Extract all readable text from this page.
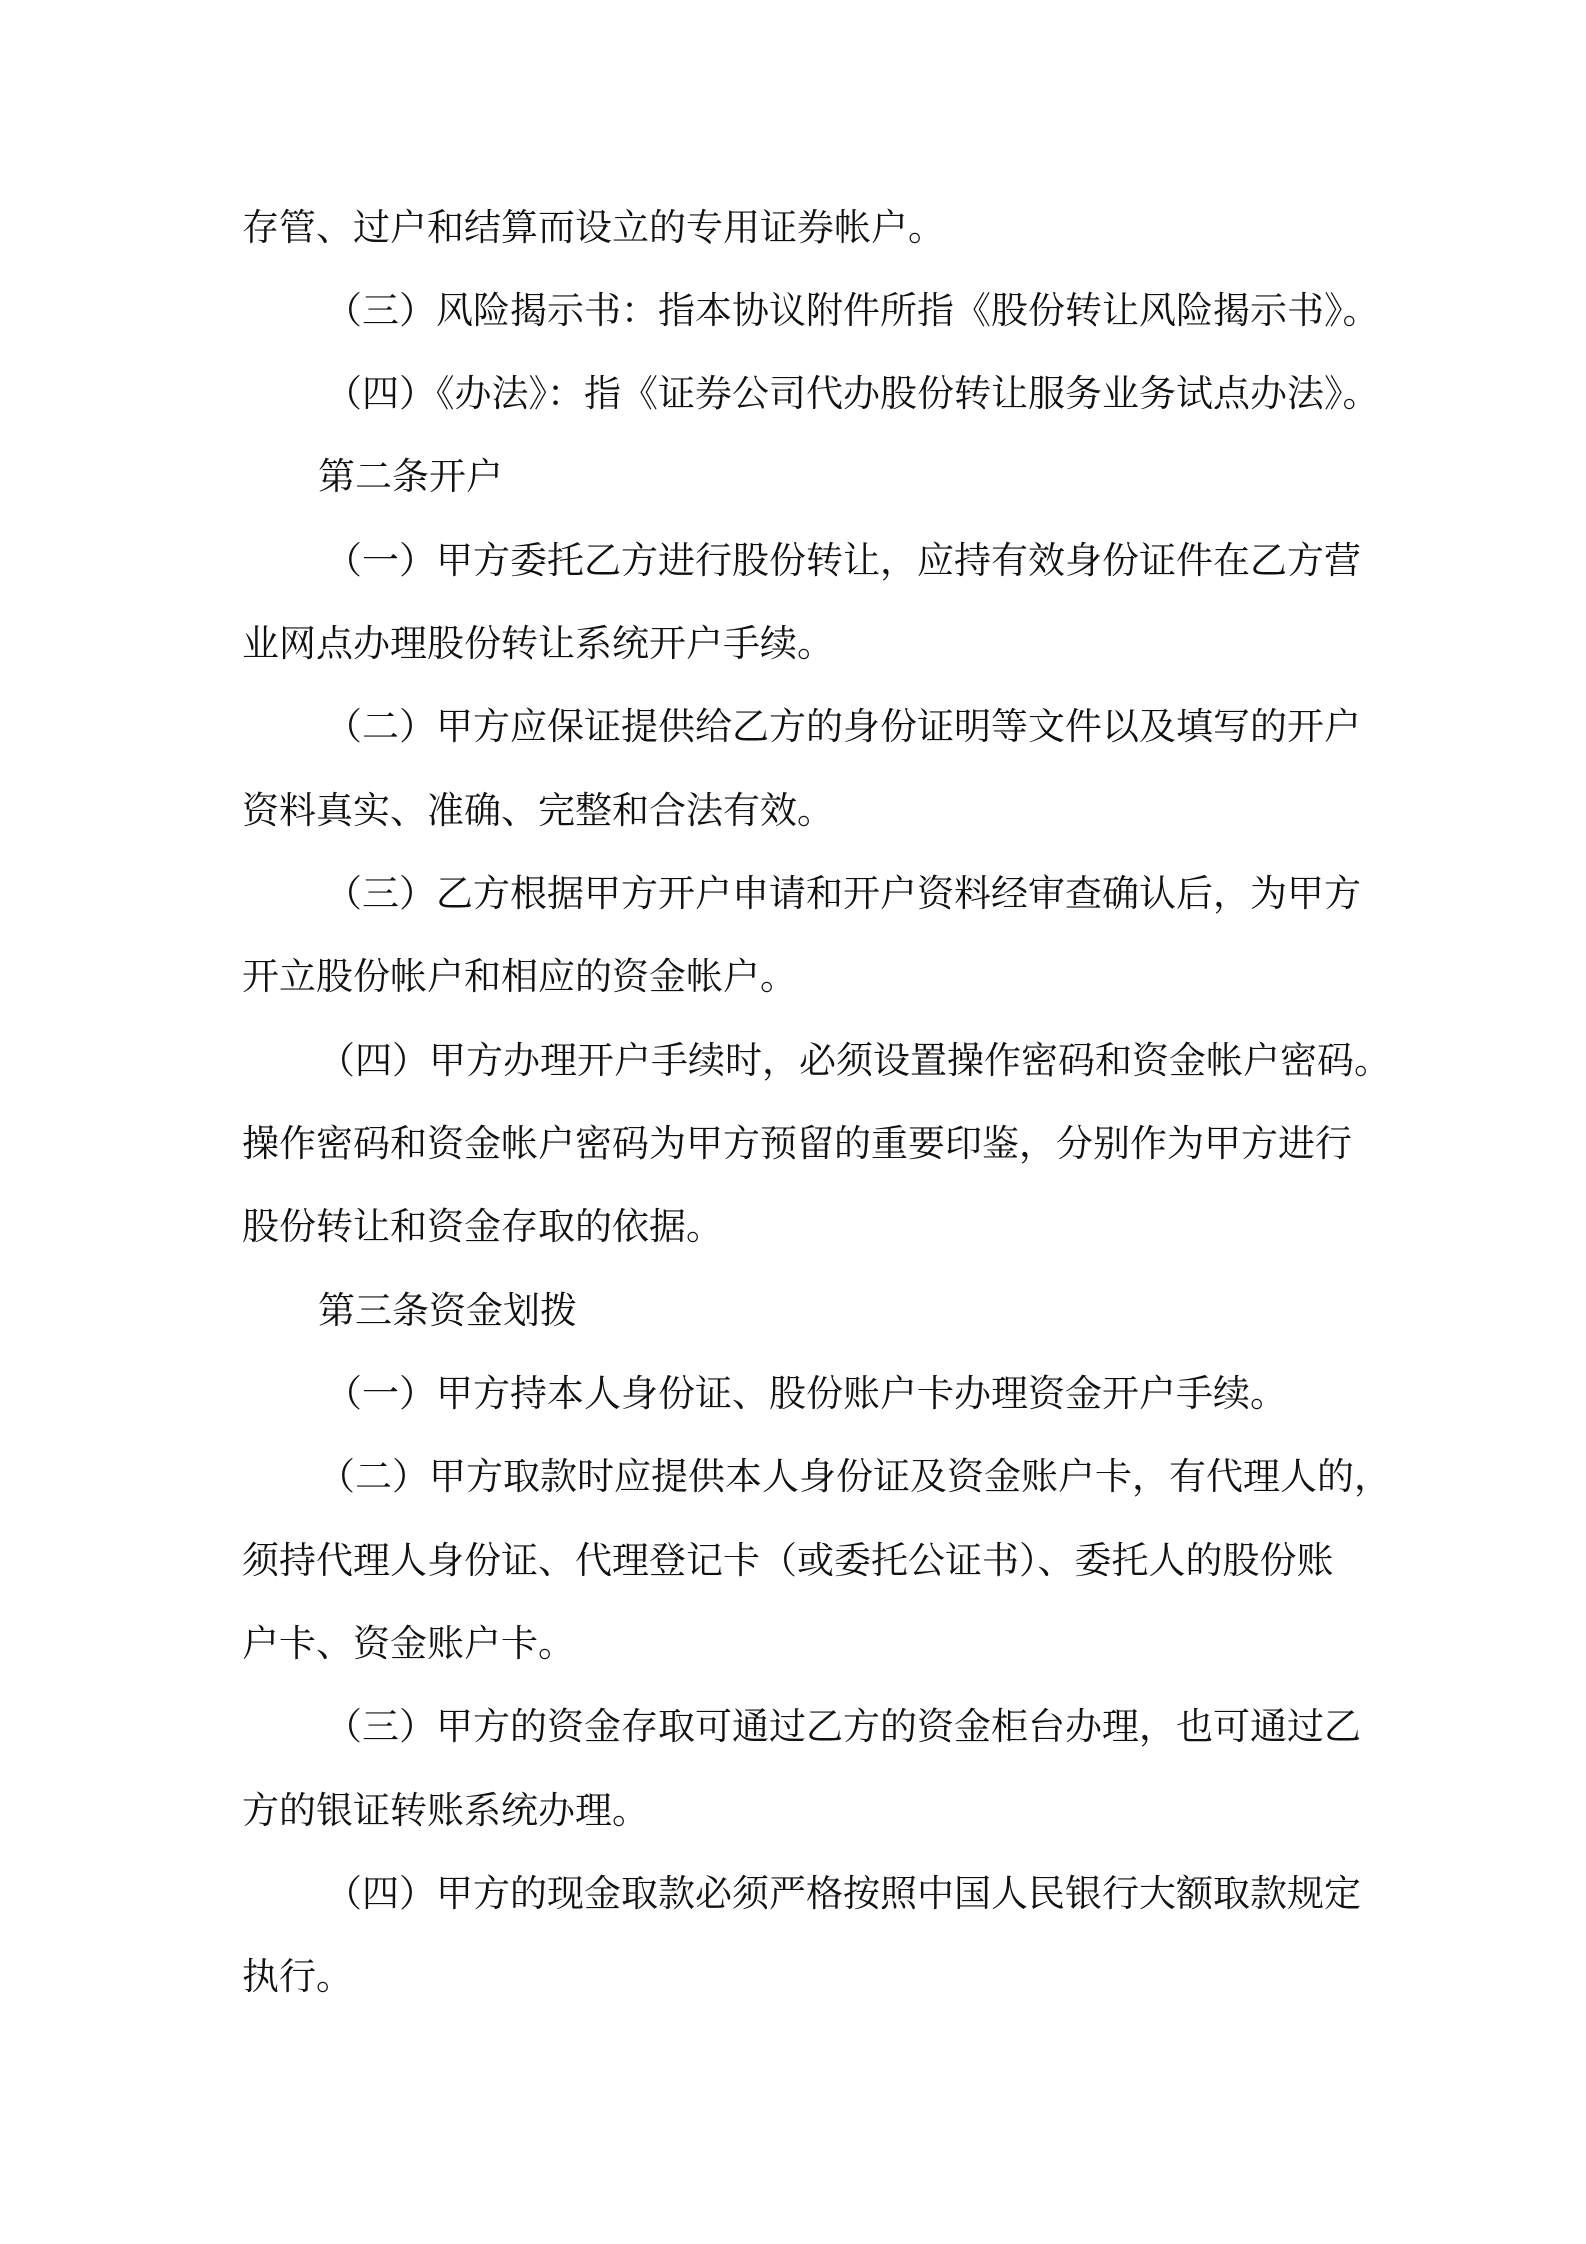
存管、过户和结算而设立的专用证券帐户。
（三）风险揭示书：指本协议附件所指《股份转让风险揭示书》。
（四）《办法》：指《证券公司代办股份转让服务业务试点办法》。
第二条开户
（一）甲方委托乙方进行股份转让，应持有效身份证件在乙方营
业网点办理股份转让系统开户手续。
（二）甲方应保证提供给乙方的身份证明等文件以及填写的开户
资料真实、准确、完整和合法有效。
（三）乙方根据甲方开户申请和开户资料经审查确认后，为甲方
开立股份帐户和相应的资金帐户。
（四）甲方办理开户手续时，必须设置操作密码和资金帐户密码。
操作密码和资金帐户密码为甲方预留的重要印鉴，分别作为甲方进行
股份转让和资金存取的依据。
第三条资金划拨
（一）甲方持本人身份证、股份账户卡办理资金开户手续。
（二）甲方取款时应提供本人身份证及资金账户卡，有代理人的，
须持代理人身份证、代理登记卡（或委托公证书）、委托人的股份账
户卡、资金账户卡。
（三）甲方的资金存取可通过乙方的资金柜台办理，也可通过乙
方的银证转账系统办理。
（四）甲方的现金取款必须严格按照中国人民银行大额取款规定
执行。
